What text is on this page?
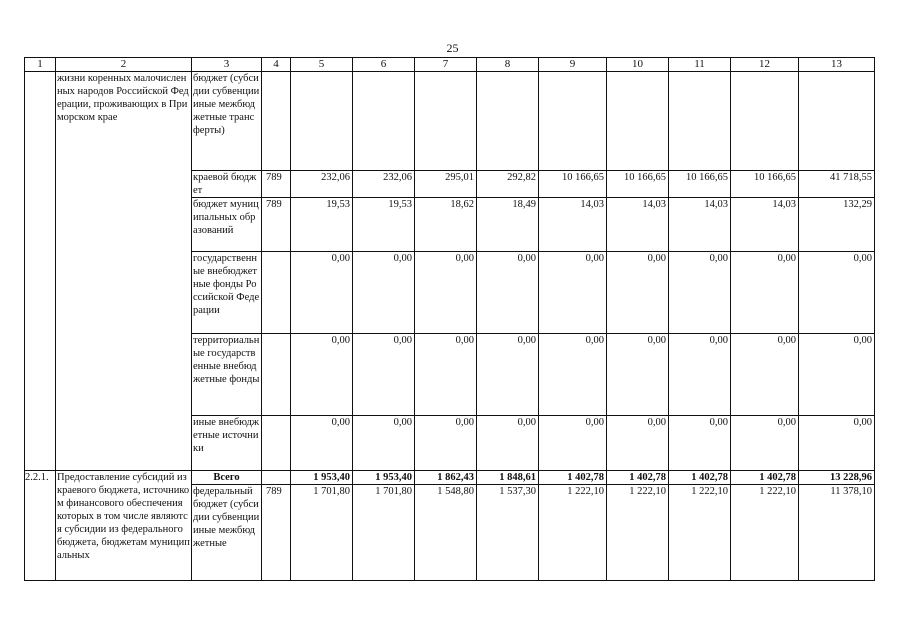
25
1	2	3	4	5	6	7	8	9	10	11	12	13
	жизни коренных малочисленных народов Российской Федерации, проживающих в Приморском крае	бюджет (субсидии субвенции иные межбюджетные трансферты)										
		краевой бюджет	789	232,06	232,06	295,01	292,82	10 166,65	10 166,65	10 166,65	10 166,65	41 718,55
		бюджет муниципальных образований	789	19,53	19,53	18,62	18,49	14,03	14,03	14,03	14,03	132,29
		государственные внебюджетные фонды Российской Федерации		0,00	0,00	0,00	0,00	0,00	0,00	0,00	0,00	0,00
		территориальные государственные внебюджетные фонды		0,00	0,00	0,00	0,00	0,00	0,00	0,00	0,00	0,00
		иные внебюджетные источники		0,00	0,00	0,00	0,00	0,00	0,00	0,00	0,00	0,00
2.2.1.	Предоставление субсидий из краевого бюджета, источником финансового обеспечения которых в том числе являются субсидии из федерального бюджета, бюджетам муниципальных	Всего		1 953,40	1 953,40	1 862,43	1 848,61	1 402,78	1 402,78	1 402,78	1 402,78	13 228,96
		федеральный бюджет (субсидии субвенции иные межбюджетные	789	1 701,80	1 701,80	1 548,80	1 537,30	1 222,10	1 222,10	1 222,10	1 222,10	11 378,10
